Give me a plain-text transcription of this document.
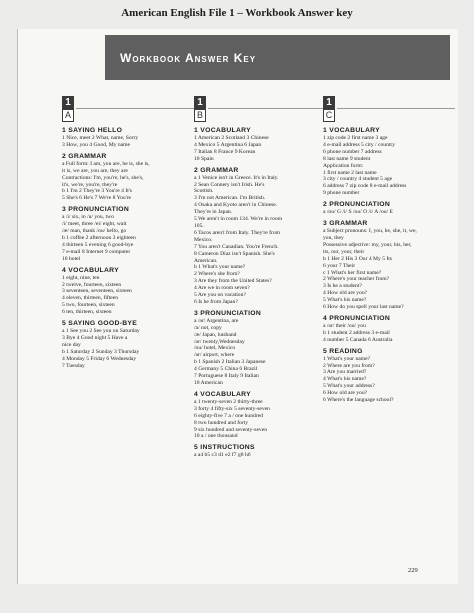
American English File 1 – Workbook Answer key
Workbook Answer Key
1
A
1 SAYING HELLO
1 Nice, meet 2 What, name, Sorry
3 How, you 4 Good, My name
2 GRAMMAR
a Full form: I am, you are, he is, she is,
it is, we are, you are, they are
Contractions: I'm, you're, he's, she's,
it's, we're, you're, they're
b 1 I'm 2 They're 3 You're 4 It's
5 She's 6 He's 7 We're 8 You're
3 PRONUNCIATION
a /i/ six, in /u/ you, two
/i/ meet, three /ei/ eight, wait
/æ/ man, thank /ou/ hello, go
b 1 coffee 2 afternoon 3 eighteen
4 thirteen 5 evening 6 good-bye
7 e-mail 8 Internet 9 computer
10 hotel
4 VOCABULARY
1 eight, nine, ten
2 twelve, fourteen, sixteen
3 seventeen, seventeen, sixteen
4 eleven, thirteen, fifteen
5 two, fourteen, sixteen
6 ten, thirteen, sixteen
5 SAYING GOOD-BYE
a 1 See you 2 See you on Saturday
3 Bye 4 Good night 5 Have a
nice day
b 1 Saturday 2 Sunday 3 Thursday
4 Monday 5 Friday 6 Wednesday
7 Tuesday
1
B
1 VOCABULARY
1 American 2 Scotland 3 Chinese
4 Mexico 5 Argentina 6 Japan
7 Italian 8 France 9 Korean
10 Spain
2 GRAMMAR
a 1 Venice isn't in Greece. It's in Italy.
2 Sean Connery isn't Irish. He's
Scottish.
3 I'm not American. I'm British.
4 Osaka and Kyoto aren't in Chinese.
They're in Japan.
5 We aren't in room 134. We're in room
105.
6 Tacos aren't from Italy. They're from
Mexico.
7 You aren't Canadian. You're French.
8 Cameron Diaz isn't Spanish. She's
American.
b 1 What's your name?
2 Where's she from?
3 Are they from the United States?
4 Are we in room seven?
5 Are you on vacation?
6 Is he from Japan?
3 PRONUNCIATION
a /ər/ Argentina, are
/a/ not, copy
/æ/ Japan, husband
/ər/ twenty,Wednesday
/ou/ hotel, Mexico
/ər/ airport, where
b 1 Spanish 2 Italian 3 Japanese
4 Germany 5 China 6 Brazil
7 Portuguese 8 Italy 9 Italian
10 American
4 VOCABULARY
a 1 twenty-seven 2 thirty-three
3 forty 4 fifty-six 5 seventy-seven
6 eighty-five 7 a / one hundred
8 two hundred and forty
9 six hundred and seventy-seven
10 a / one thousand
5 INSTRUCTIONS
a a4 b5 c3 d1 e2 f7 g8 h6
1
C
1 VOCABULARY
1 zip code 2 first name 3 age
4 e-mail address 5 city / country
6 phone number 7 address
8 last name 9 student
Application form:
1 first name 2 last name
3 city / country 4 student 5 age
6 address 7 zip code 8 e-mail address
9 phone number
2 PRONUNCIATION
a /ou/ G /i/ S /ou/ O /i/ A /ou/ E
3 GRAMMAR
a Subject pronouns: I, you, he, she, it, we,
you, they
Possessive adjective: my, your, his, her,
its, our, your, their
b 1 Her 2 His 3 Our 4 My 5 Its
6 your 7 Their
c 1 What's her first name?
2 Where's your teacher from?
3 Is he a student?
4 How old are you?
5 What's his name?
6 How do you spell your last name?
4 PRONUNCIATION
a /ər/ their /ou/ you
b 1 student 2 address 3 e-mail
4 number 5 Canada 6 Australia
5 READING
1 What's your name?
2 Where are you from?
3 Are you married?
4 What's his name?
5 What's your address?
6 How old are you?
6 Where's the language school?
229
